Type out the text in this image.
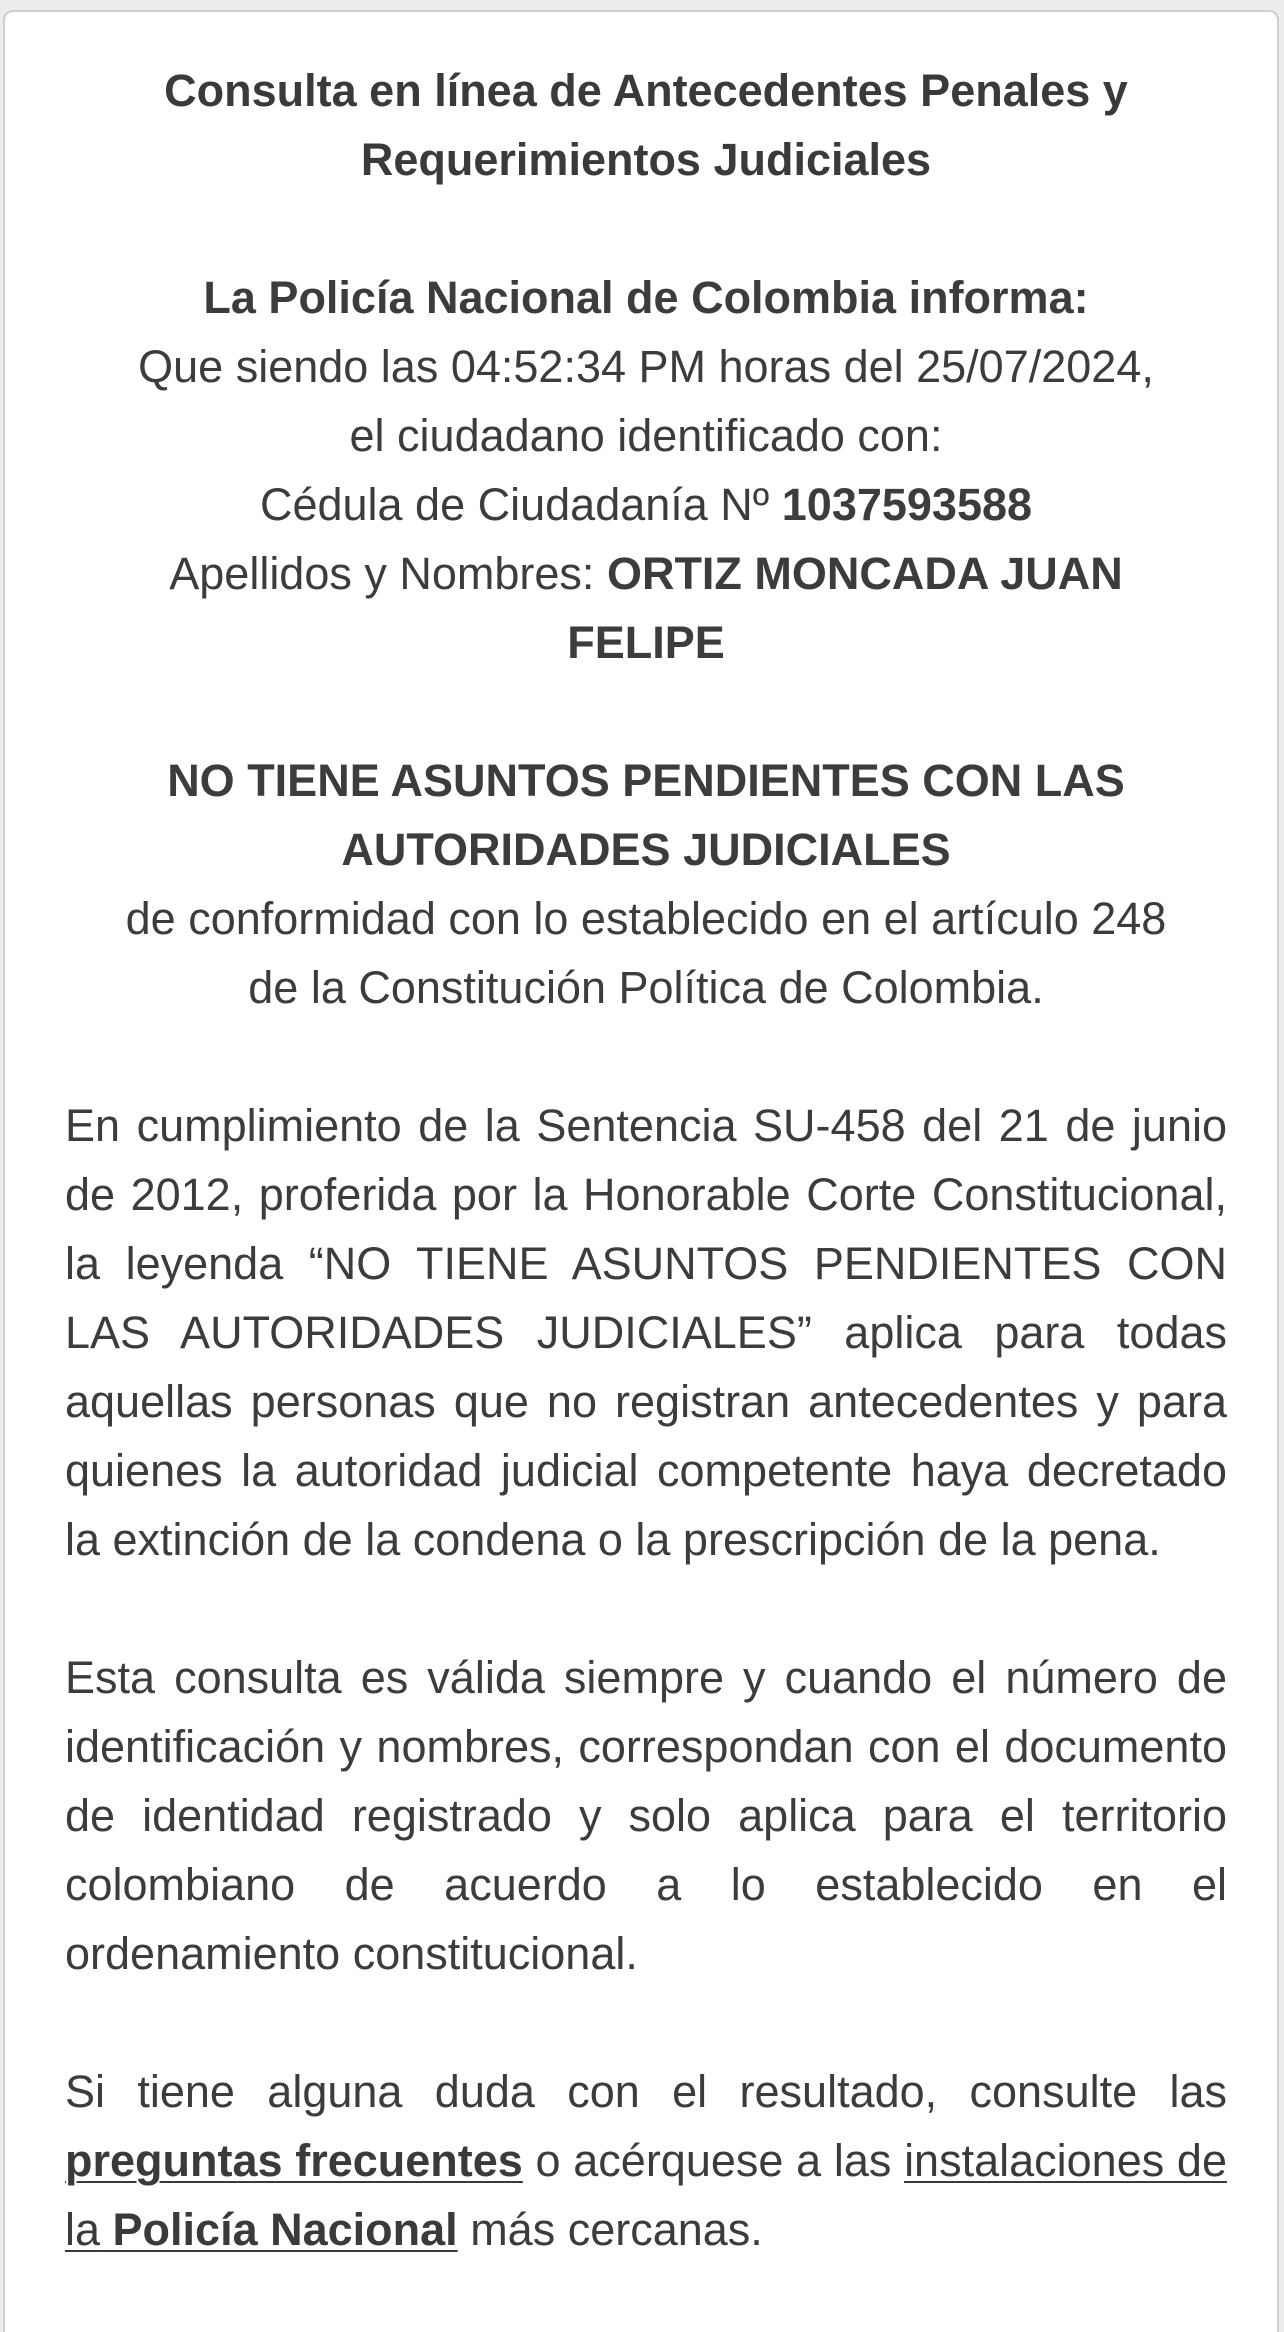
Consulta en línea de Antecedentes Penales y

Requerimientos Judiciales

La Policía Nacional de Colombia informa:

Que siendo las 04:52:34 PM horas del 25/07/2024,

el ciudadano identificado con:

Cédula de Ciudadanía Nº 1037593588

Apellidos y Nombres: ORTIZ MONCADA JUAN

FELIPE

NO TIENE ASUNTOS PENDIENTES CON LAS

AUTORIDADES JUDICIALES

de conformidad con lo establecido en el artículo 248

de la Constitución Política de Colombia.

En cumplimiento de la Sentencia SU-458 del 21 de junio de 2012, proferida por la Honorable Corte Constitucional, la leyenda “NO TIENE ASUNTOS PENDIENTES CON LAS AUTORIDADES JUDICIALES” aplica para todas aquellas personas que no registran antecedentes y para quienes la autoridad judicial competente haya decretado la extinción de la condena o la prescripción de la pena.

Esta consulta es válida siempre y cuando el número de identificación y nombres, correspondan con el documento de identidad registrado y solo aplica para el territorio colombiano de acuerdo a lo establecido en el ordenamiento constitucional.

Si tiene alguna duda con el resultado, consulte las preguntas frecuentes o acérquese a las instalaciones de la Policía Nacional más cercanas.
